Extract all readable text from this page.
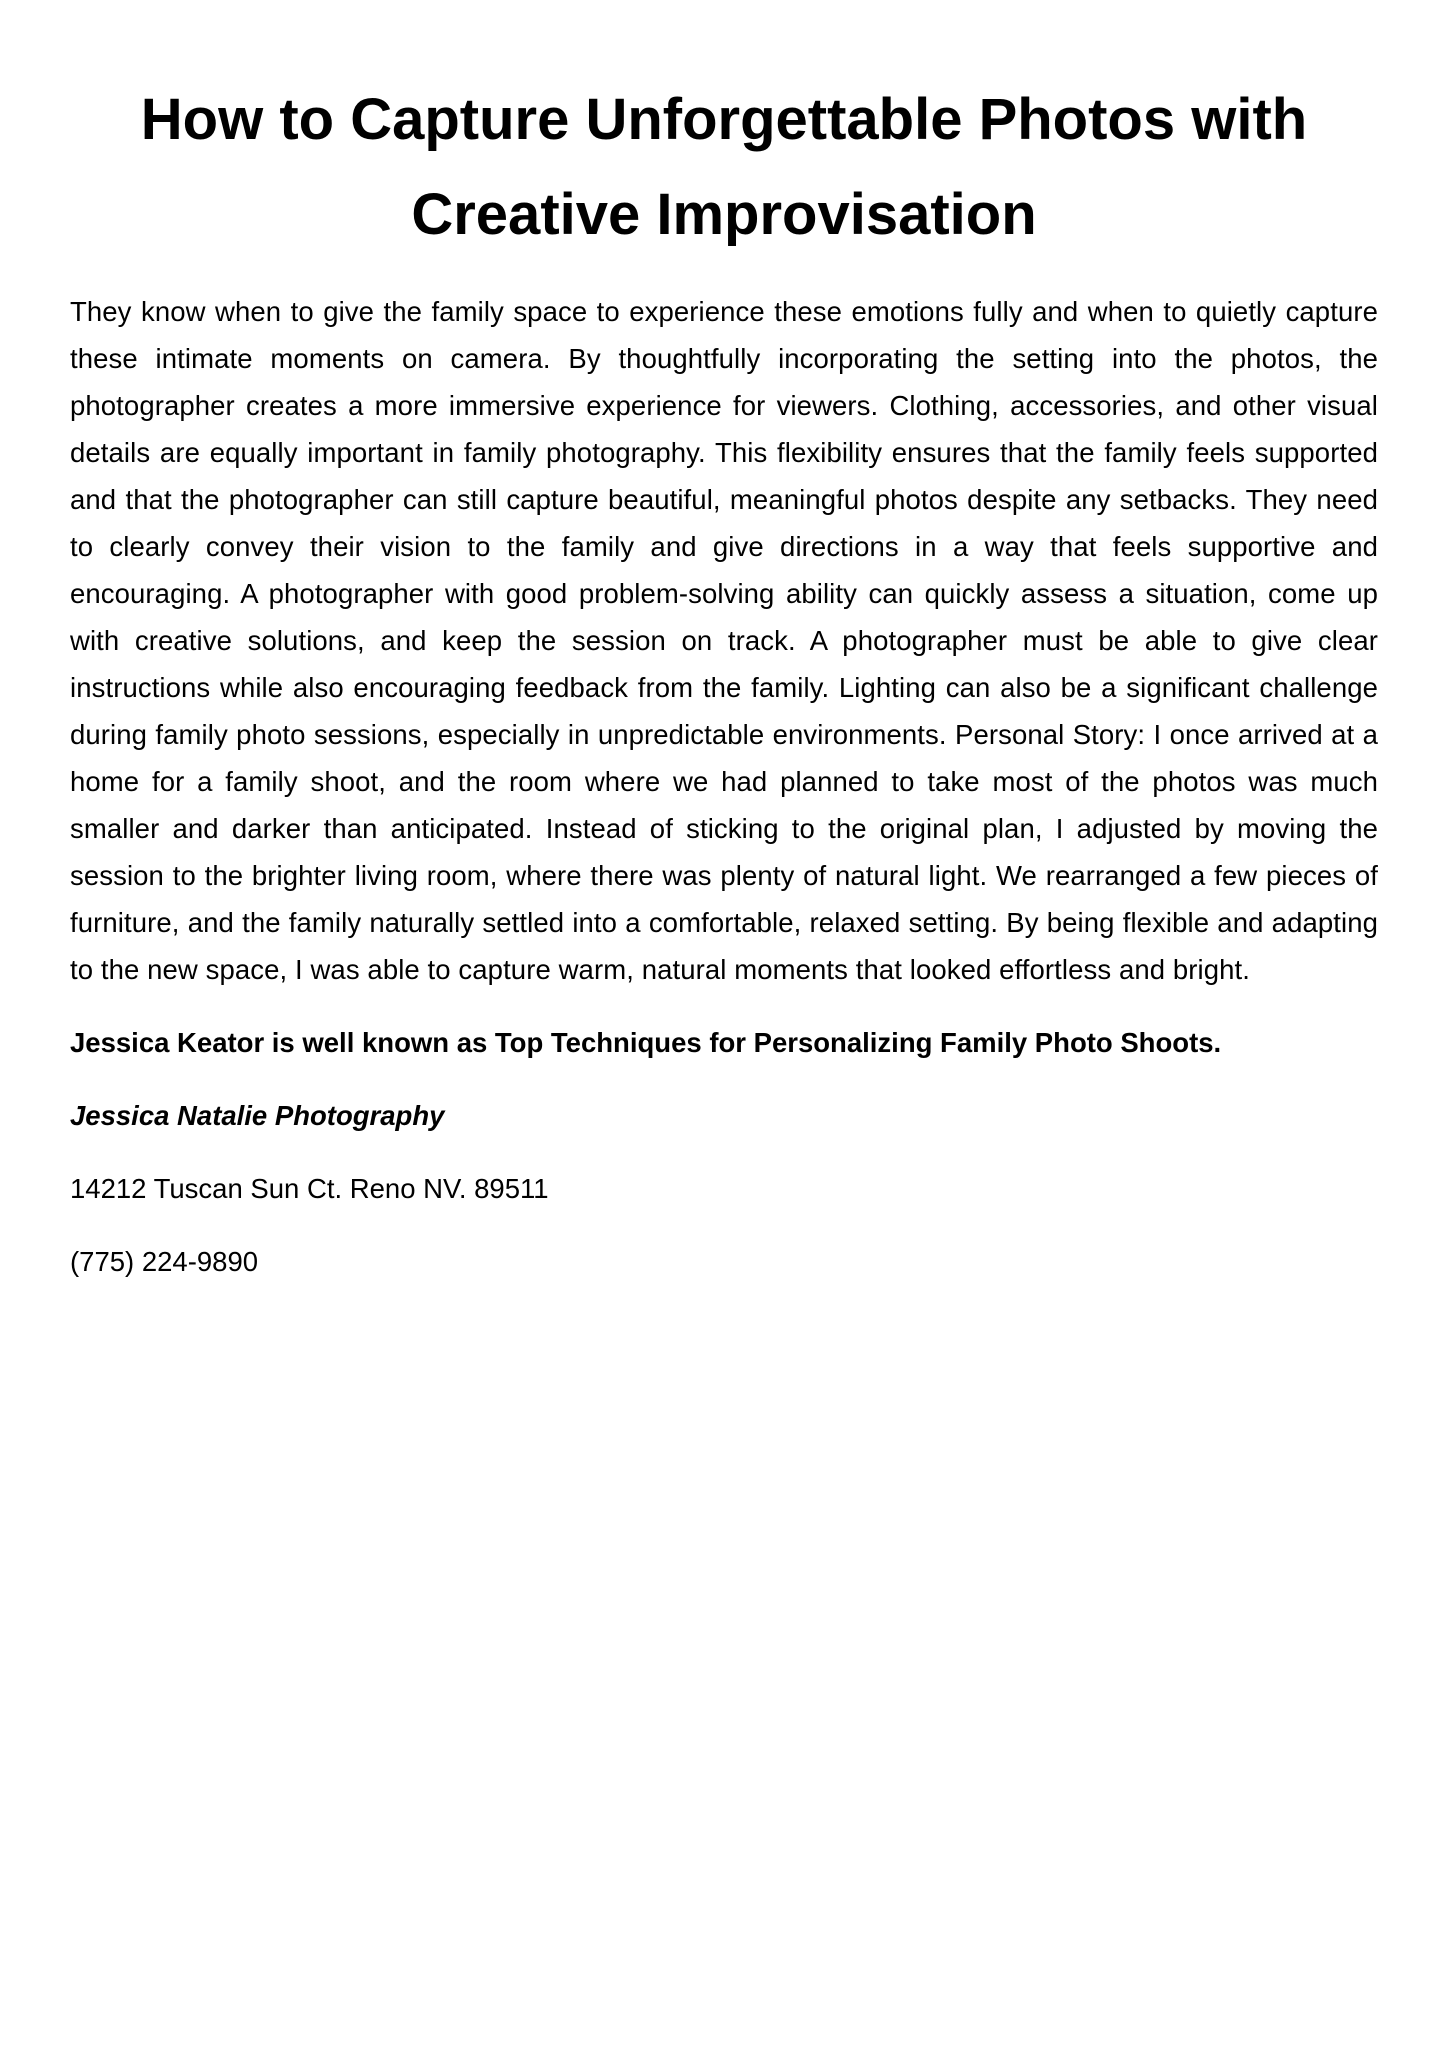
How to Capture Unforgettable Photos with Creative Improvisation

They know when to give the family space to experience these emotions fully and when to quietly capture these intimate moments on camera. By thoughtfully incorporating the setting into the photos, the photographer creates a more immersive experience for viewers. Clothing, accessories, and other visual details are equally important in family photography. This flexibility ensures that the family feels supported and that the photographer can still capture beautiful, meaningful photos despite any setbacks. They need to clearly convey their vision to the family and give directions in a way that feels supportive and encouraging. A photographer with good problem-solving ability can quickly assess a situation, come up with creative solutions, and keep the session on track. A photographer must be able to give clear instructions while also encouraging feedback from the family. Lighting can also be a significant challenge during family photo sessions, especially in unpredictable environments. Personal Story: I once arrived at a home for a family shoot, and the room where we had planned to take most of the photos was much smaller and darker than anticipated. Instead of sticking to the original plan, I adjusted by moving the session to the brighter living room, where there was plenty of natural light. We rearranged a few pieces of furniture, and the family naturally settled into a comfortable, relaxed setting. By being flexible and adapting to the new space, I was able to capture warm, natural moments that looked effortless and bright.

Jessica Keator is well known as Top Techniques for Personalizing Family Photo Shoots.

Jessica Natalie Photography

14212 Tuscan Sun Ct. Reno NV. 89511

(775) 224-9890
